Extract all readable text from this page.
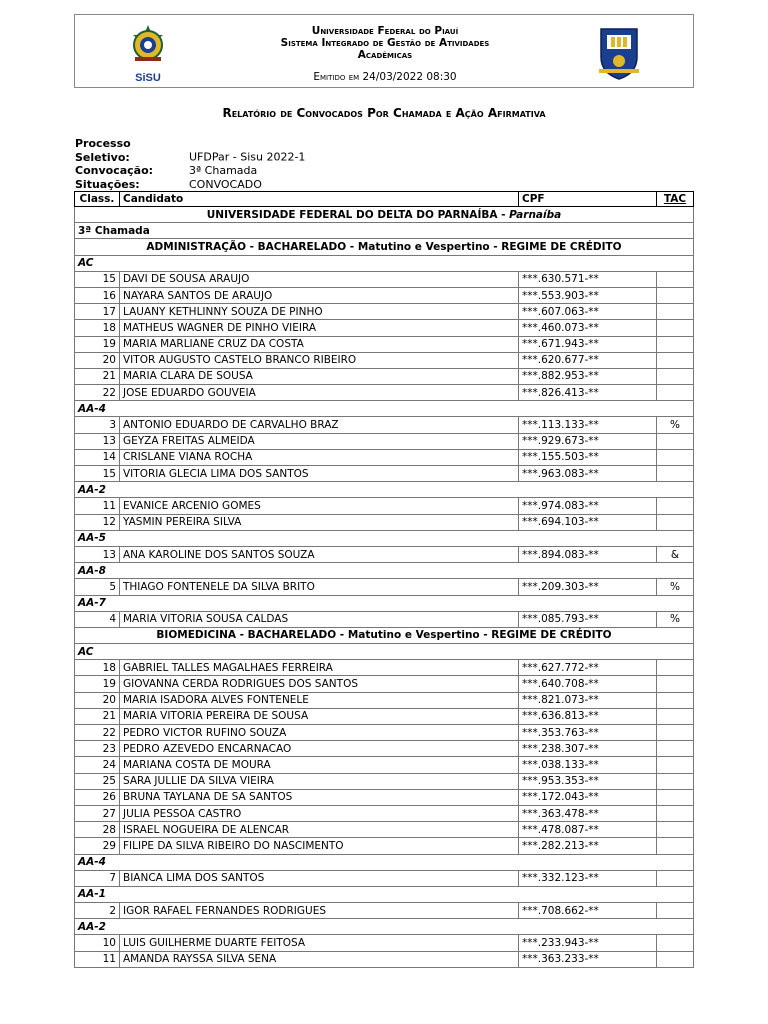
SiSU
Universidade Federal do Piauí
Sistema Integrado de Gestão de Atividades
Acadêmicas
Emitido em 24/03/2022 08:30
Relatório de Convocados Por Chamada e Ação Afirmativa
Processo Seletivo:	UFDPar - Sisu 2022-1
Convocação:	3ª Chamada
Situações:	CONVOCADO
Class.	Candidato	CPF	TAC
UNIVERSIDADE FEDERAL DO DELTA DO PARNAÍBA - Parnaíba			
3ª Chamada			
ADMINISTRAÇÃO - BACHARELADO - Matutino e Vespertino - REGIME DE CRÉDITO			
AC			
15	DAVI DE SOUSA ARAUJO	***.630.571-**	
16	NAYARA SANTOS DE ARAUJO	***.553.903-**	
17	LAUANY KETHLINNY SOUZA DE PINHO	***.607.063-**	
18	MATHEUS WAGNER DE PINHO VIEIRA	***.460.073-**	
19	MARIA MARLIANE CRUZ DA COSTA	***.671.943-**	
20	VITOR AUGUSTO CASTELO BRANCO RIBEIRO	***.620.677-**	
21	MARIA CLARA DE SOUSA	***.882.953-**	
22	JOSE EDUARDO GOUVEIA	***.826.413-**	
AA-4			
3	ANTONIO EDUARDO DE CARVALHO BRAZ	***.113.133-**	%
13	GEYZA FREITAS ALMEIDA	***.929.673-**	
14	CRISLANE VIANA ROCHA	***.155.503-**	
15	VITORIA GLECIA LIMA DOS SANTOS	***.963.083-**	
AA-2			
11	EVANICE ARCENIO GOMES	***.974.083-**	
12	YASMIN PEREIRA SILVA	***.694.103-**	
AA-5			
13	ANA KAROLINE DOS SANTOS SOUZA	***.894.083-**	&
AA-8			
5	THIAGO FONTENELE DA SILVA BRITO	***.209.303-**	%
AA-7			
4	MARIA VITORIA SOUSA CALDAS	***.085.793-**	%
BIOMEDICINA - BACHARELADO - Matutino e Vespertino - REGIME DE CRÉDITO			
AC			
18	GABRIEL TALLES MAGALHAES FERREIRA	***.627.772-**	
19	GIOVANNA CERDA RODRIGUES DOS SANTOS	***.640.708-**	
20	MARIA ISADORA ALVES FONTENELE	***.821.073-**	
21	MARIA VITORIA PEREIRA DE SOUSA	***.636.813-**	
22	PEDRO VICTOR RUFINO SOUZA	***.353.763-**	
23	PEDRO AZEVEDO ENCARNACAO	***.238.307-**	
24	MARIANA COSTA DE MOURA	***.038.133-**	
25	SARA JULLIE DA SILVA VIEIRA	***.953.353-**	
26	BRUNA TAYLANA DE SA SANTOS	***.172.043-**	
27	JULIA PESSOA CASTRO	***.363.478-**	
28	ISRAEL NOGUEIRA DE ALENCAR	***.478.087-**	
29	FILIPE DA SILVA RIBEIRO DO NASCIMENTO	***.282.213-**	
AA-4			
7	BIANCA LIMA DOS SANTOS	***.332.123-**	
AA-1			
2	IGOR RAFAEL FERNANDES RODRIGUES	***.708.662-**	
AA-2			
10	LUIS GUILHERME DUARTE FEITOSA	***.233.943-**	
11	AMANDA RAYSSA SILVA SENA	***.363.233-**	
